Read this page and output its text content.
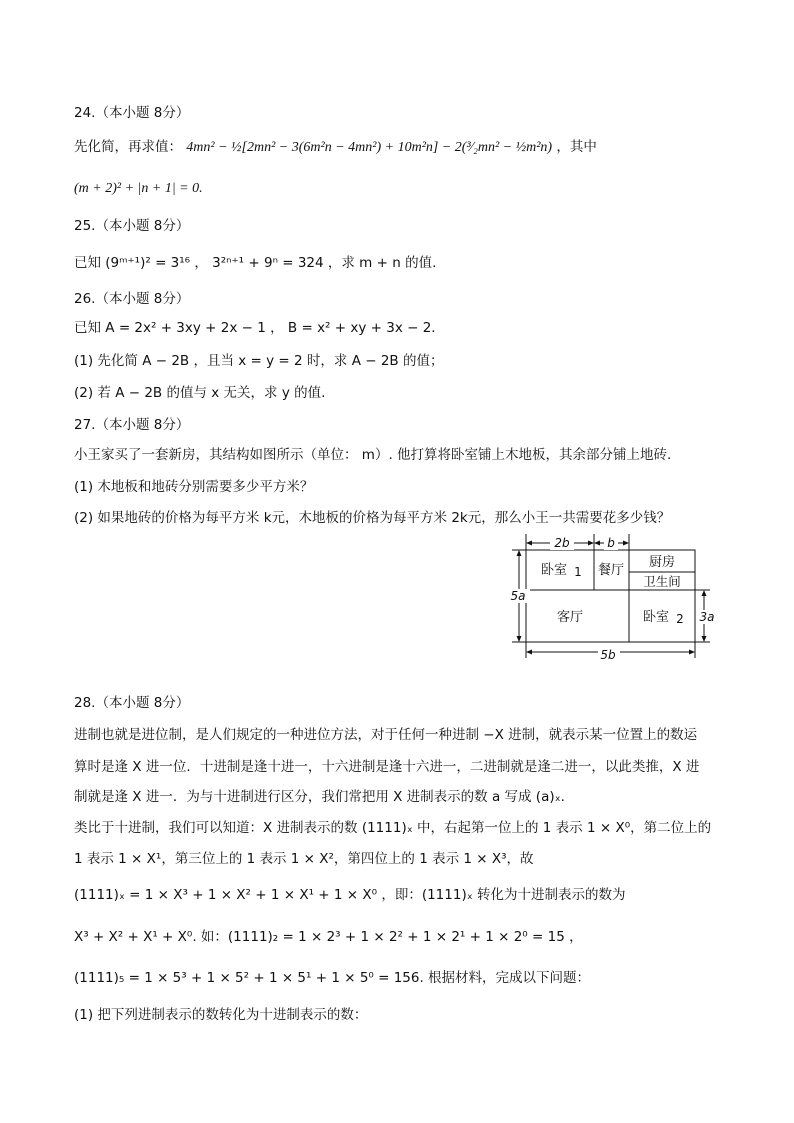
24.（本小题 8分）
先化简，再求值： 4mn² − ½[2mn² − 3(6m²n − 4mn²) + 10m²n] − 2(³⁄₂mn² − ½m²n) ，其中
(m + 2)² + |n + 1| = 0.
25.（本小题 8分）
已知 (9ᵐ⁺¹)² = 3¹⁶ ， 3²ⁿ⁺¹ + 9ⁿ = 324 ，求 m + n 的值.
26.（本小题 8分）
已知 A = 2x² + 3xy + 2x − 1 ， B = x² + xy + 3x − 2.
(1) 先化简 A − 2B ，且当 x = y = 2 时，求 A − 2B 的值；
(2) 若 A − 2B 的值与 x 无关，求 y 的值.
27.（本小题 8分）
小王家买了一套新房，其结构如图所示（单位： m）. 他打算将卧室铺上木地板，其余部分铺上地砖.
(1) 木地板和地砖分别需要多少平方米？
(2) 如果地砖的价格为每平方米 k元，木地板的价格为每平方米 2k元，那么小王一共需要花多少钱？
2b	b
5a
3a
5b
卧室 1 餐厅
厨房
卫生间
客厅	卧室 2
28.（本小题 8分）
进制也就是进位制，是人们规定的一种进位方法，对于任何一种进制 −X 进制，就表示某一位置上的数运
算时是逢 X 进一位．十进制是逢十进一，十六进制是逢十六进一，二进制就是逢二进一，以此类推，X 进
制就是逢 X 进一．为与十进制进行区分，我们常把用 X 进制表示的数 a 写成 (a)ₓ.
类比于十进制，我们可以知道：X 进制表示的数 (1111)ₓ 中，右起第一位上的 1 表示 1 × X⁰，第二位上的
1 表示 1 × X¹，第三位上的 1 表示 1 × X²，第四位上的 1 表示 1 × X³，故
(1111)ₓ = 1 × X³ + 1 × X² + 1 × X¹ + 1 × X⁰ ，即：(1111)ₓ 转化为十进制表示的数为
X³ + X² + X¹ + X⁰. 如：(1111)₂ = 1 × 2³ + 1 × 2² + 1 × 2¹ + 1 × 2⁰ = 15 ，
(1111)₅ = 1 × 5³ + 1 × 5² + 1 × 5¹ + 1 × 5⁰ = 156. 根据材料，完成以下问题：
(1) 把下列进制表示的数转化为十进制表示的数：
